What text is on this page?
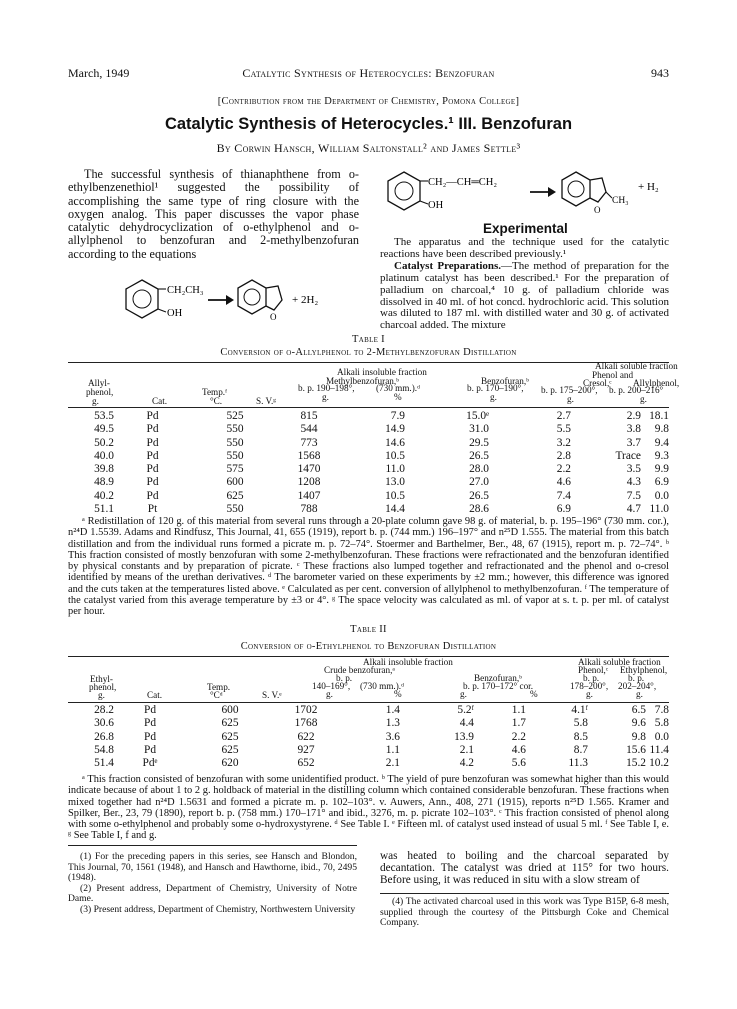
March, 1949	Catalytic Synthesis of Heterocycles: Benzofuran	943
[Contribution from the Department of Chemistry, Pomona College]
Catalytic Synthesis of Heterocycles.¹ III. Benzofuran
By Corwin Hansch, William Saltonstall² and James Settle³
The successful synthesis of thianaphthene from o-ethylbenzenethiol¹ suggested the possibility of accomplishing the same type of ring closure with the oxygen analog. This paper discusses the vapor phase catalytic dehydrocyclization of o-ethylphenol and o-allylphenol to benzofuran and 2-methylbenzofuran according to the equations
CH₂CH₃
OH	O
+ 2H₂
CH₂—CH═CH₂
OH	O
CH₃
+ H₂
Experimental
The apparatus and the technique used for the catalytic reactions have been described previously.¹
Catalyst Preparations.—The method of preparation for the platinum catalyst has been described.¹ For the preparation of palladium on charcoal,⁴ 10 g. of palladium chloride was dissolved in 40 ml. of hot concd. hydrochloric acid. This solution was diluted to 187 ml. with distilled water and 30 g. of activated charcoal added. The mixture
Table I
Conversion of o-Allylphenol to 2-Methylbenzofuran Distillation
Alkali soluble fraction
Alkali insoluble fraction	Phenol and
Methylbenzofuran,ᵇ	Benzofuran,ᵇ	Cresol,ᶜ Allylphenol,
Allyl-	b. p. 190–198°, (730 mm.).ᵈ	b. p. 170–190°, b. p. 175–200°, b. p. 200–216°
phenol,	Temp.ᶠ	g.	%	g.	g.	g.
g.	Cat.	°C.	S. V.ᵍ
53.5	Pd	525	815	7.9	15.0ᵉ	2.7	2.9	18.1
49.5	Pd	550	544	14.9	31.0	5.5	3.8	9.8
50.2	Pd	550	773	14.6	29.5	3.2	3.7	9.4
40.0	Pd	550	1568	10.5	26.5	2.8	Trace	9.3
39.8	Pd	575	1470	11.0	28.0	2.2	3.5	9.9
48.9	Pd	600	1208	13.0	27.0	4.6	4.3	6.9
40.2	Pd	625	1407	10.5	26.5	7.4	7.5	0.0
51.1	Pt	550	788	14.4	28.6	6.9	4.7	11.0
ᵃ Redistillation of 120 g. of this material from several runs through a 20-plate column gave 98 g. of material, b. p. 195–196° (730 mm. cor.), n²⁴D 1.5539. Adams and Rindfusz, This Journal, 41, 655 (1919), report b. p. (744 mm.) 196–197° and n²⁵D 1.555. The material from this batch distillation and from the individual runs formed a picrate m. p. 72–74°. Stoermer and Barthelmer, Ber., 48, 67 (1915), report m. p. 72–74°. ᵇ This fraction consisted of mostly benzofuran with some 2-methylbenzofuran. These fractions were refractionated and the benzofuran identified by physical constants and by preparation of picrate. ᶜ These fractions also lumped together and refractionated and the phenol and o-cresol identified by means of the urethan derivatives. ᵈ The barometer varied on these experiments by ±2 mm.; however, this difference was ignored and the cuts taken at the temperatures listed above. ᵉ Calculated as per cent. conversion of allylphenol to methylbenzofuran. ᶠ The temperature of the catalyst varied from this average temperature by ±3 or 4°. ᵍ The space velocity was calculated as ml. of vapor at s. t. p. per ml. of catalyst per hour.
Table II
Conversion of o-Ethylphenol to Benzofuran Distillation
Alkali insoluble fraction	Alkali soluble fraction
Crude benzofuran,ᵃ	Phenol,ᶜ Ethylphenol,
b. p.	Benzofuran,ᵇ	b. p.	b. p.
Ethyl-
140–169°, (730 mm.).ᵈ	b. p. 170–172° cor.	178–200°, 202–204°,
phenol,	Temp.
g.	%	g.	%	g.	g.
g.	Cat.	°Cᵈ	S. V.ᵉ
28.2	Pd	600	1702	1.4	5.2ᶠ	1.1	4.1ᶠ	6.5	7.8
30.6	Pd	625	1768	1.3	4.4	1.7	5.8	9.6	5.8
26.8	Pd	625	622	3.6	13.9	2.2	8.5	9.8	0.0
54.8	Pd	625	927	1.1	2.1	4.6	8.7	15.6	11.4
51.4	Pdᵉ	620	652	2.1	4.2	5.6	11.3	15.2	10.2
ᵃ This fraction consisted of benzofuran with some unidentified product. ᵇ The yield of pure benzofuran was somewhat higher than this would indicate because of about 1 to 2 g. holdback of material in the distilling column which contained considerable benzofuran. These fractions when mixed together had n²⁴D 1.5631 and formed a picrate m. p. 102–103°. v. Auwers, Ann., 408, 271 (1915), reports n²⁵D 1.565. Kramer and Spilker, Ber., 23, 79 (1890), report b. p. (758 mm.) 170–171° and ibid., 3276, m. p. picrate 102–103°. ᶜ This fraction consisted of phenol along with some o-ethylphenol and probably some o-hydroxystyrene. ᵈ See Table I. ᵉ Fifteen ml. of catalyst used instead of usual 5 ml. ᶠ See Table I, e. ᵍ See Table I, f and g.
(1) For the preceding papers in this series, see Hansch and Blondon, This Journal, 70, 1561 (1948), and Hansch and Hawthorne, ibid., 70, 2495 (1948).
(2) Present address, Department of Chemistry, University of Notre Dame.
(3) Present address, Department of Chemistry, Northwestern University
was heated to boiling and the charcoal separated by decantation. The catalyst was dried at 115° for two hours. Before using, it was reduced in situ with a slow stream of
(4) The activated charcoal used in this work was Type B15P, 6-8 mesh, supplied through the courtesy of the Pittsburgh Coke and Chemical Company.
